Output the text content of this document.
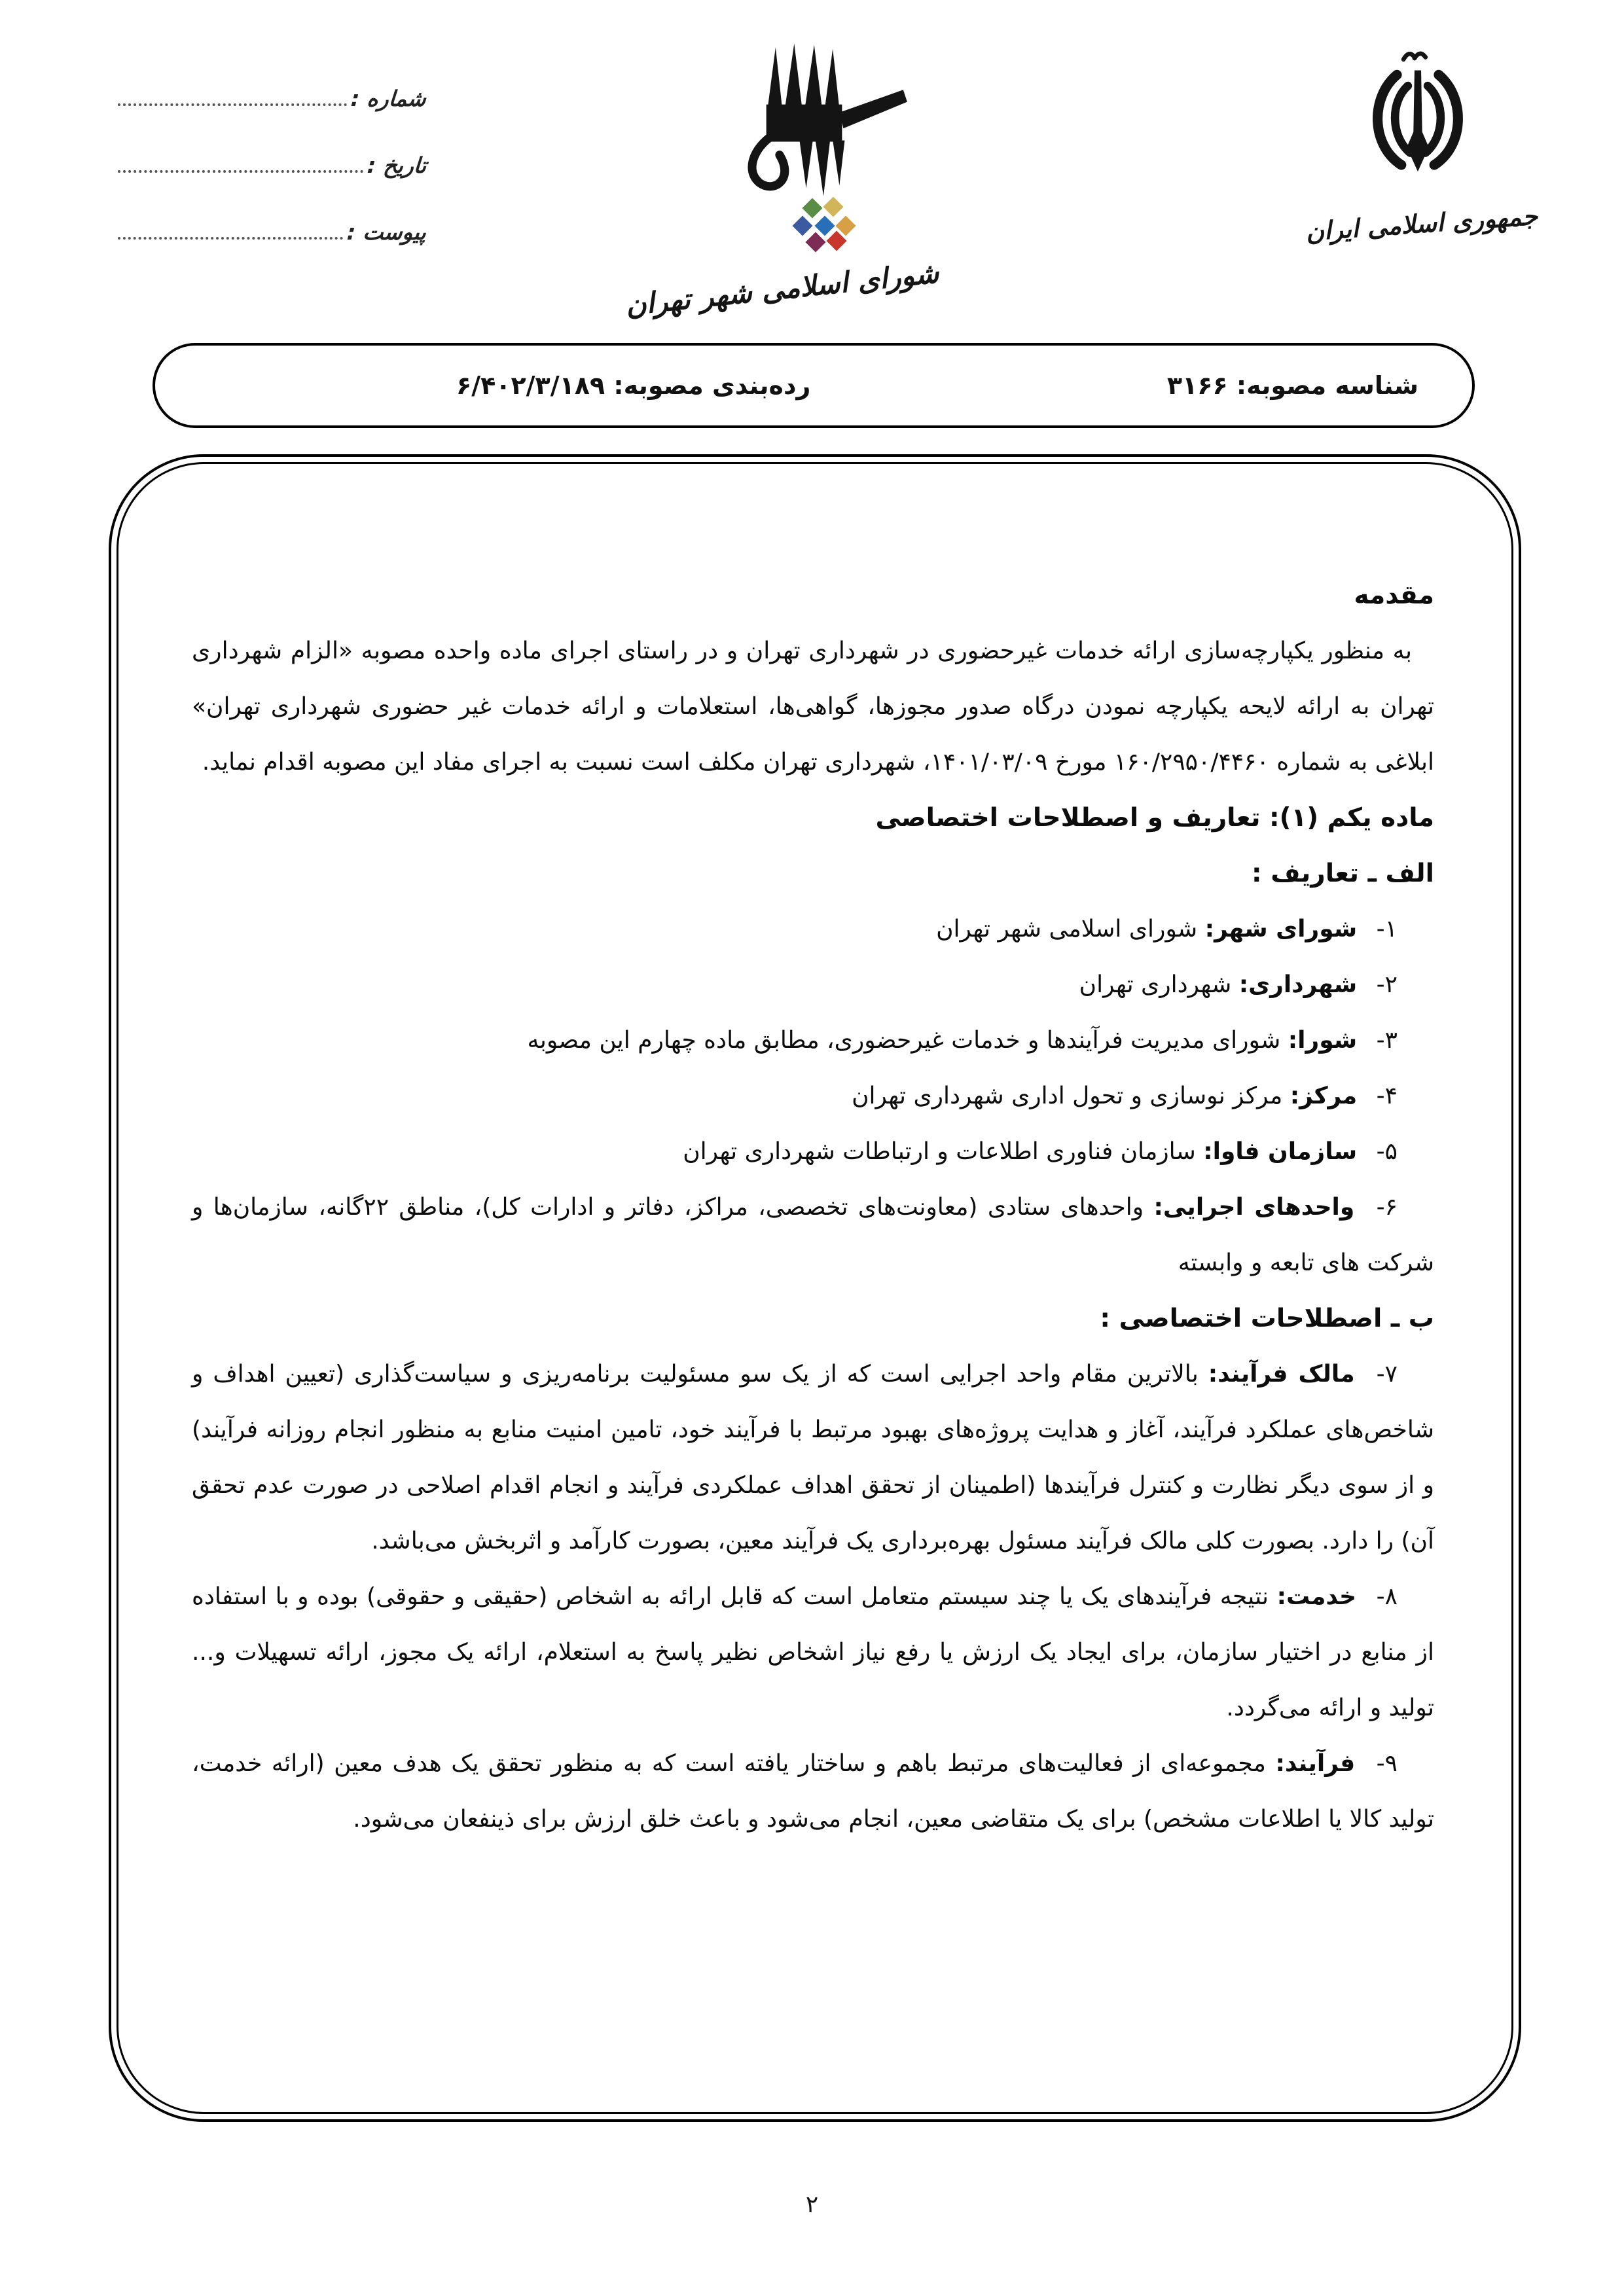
شماره :
تاریخ :
پیوست :
شورای اسلامی شهر تهران
جمهوری اسلامی ایران
شناسه مصوبه: ۳۱۶۶
رده‌بندی مصوبه: ۶/۴۰۲/۳/۱۸۹

مقدمه

به منظور یکپارچه‌سازی ارائه خدمات غیرحضوری در شهرداری تهران و در راستای اجرای ماده واحده مصوبه «الزام شهرداری تهران به ارائه لایحه یکپارچه نمودن درگاه صدور مجوزها، گواهی‌ها، استعلامات و ارائه خدمات غیر حضوری شهرداری تهران» ابلاغی به شماره ۱۶۰/۲۹۵۰/۴۴۶۰ مورخ ۱۴۰۱/۰۳/۰۹، شهرداری تهران مکلف است نسبت به اجرای مفاد این مصوبه اقدام نماید.

ماده یکم (۱): تعاریف و اصطلاحات اختصاصی

الف ـ تعاریف :

۱- شورای شهر: شورای اسلامی شهر تهران

۲- شهرداری: شهرداری تهران

۳- شورا: شورای مدیریت فرآیندها و خدمات غیرحضوری، مطابق ماده چهارم این مصوبه

۴- مرکز: مرکز نوسازی و تحول اداری شهرداری تهران

۵- سازمان فاوا: سازمان فناوری اطلاعات و ارتباطات شهرداری تهران

۶- واحدهای اجرایی: واحدهای ستادی (معاونت‌های تخصصی، مراکز، دفاتر و ادارات کل)، مناطق ۲۲گانه، سازمان‌ها و شرکت های تابعه و وابسته

ب ـ اصطلاحات اختصاصی :

۷- مالک فرآیند: بالاترین مقام واحد اجرایی است که از یک سو مسئولیت برنامه‌ریزی و سیاست‌گذاری (تعیین اهداف و شاخص‌های عملکرد فرآیند، آغاز و هدایت پروژه‌های بهبود مرتبط با فرآیند خود، تامین امنیت منابع به منظور انجام روزانه فرآیند) و از سوی دیگر نظارت و کنترل فرآیندها (اطمینان از تحقق اهداف عملکردی فرآیند و انجام اقدام اصلاحی در صورت عدم تحقق آن) را دارد. بصورت کلی مالک فرآیند مسئول بهره‌برداری یک فرآیند معین، بصورت کارآمد و اثربخش می‌باشد.

۸- خدمت: نتیجه فرآیندهای یک یا چند سیستم متعامل است که قابل ارائه به اشخاص (حقیقی و حقوقی) بوده و با استفاده از منابع در اختیار سازمان، برای ایجاد یک ارزش یا رفع نیاز اشخاص نظیر پاسخ به استعلام، ارائه یک مجوز، ارائه تسهیلات و... تولید و ارائه می‌گردد.

۹- فرآیند: مجموعه‌ای از فعالیت‌های مرتبط باهم و ساختار یافته است که به منظور تحقق یک هدف معین (ارائه خدمت، تولید کالا یا اطلاعات مشخص) برای یک متقاضی معین، انجام می‌شود و باعث خلق ارزش برای ذینفعان می‌شود.

۲
